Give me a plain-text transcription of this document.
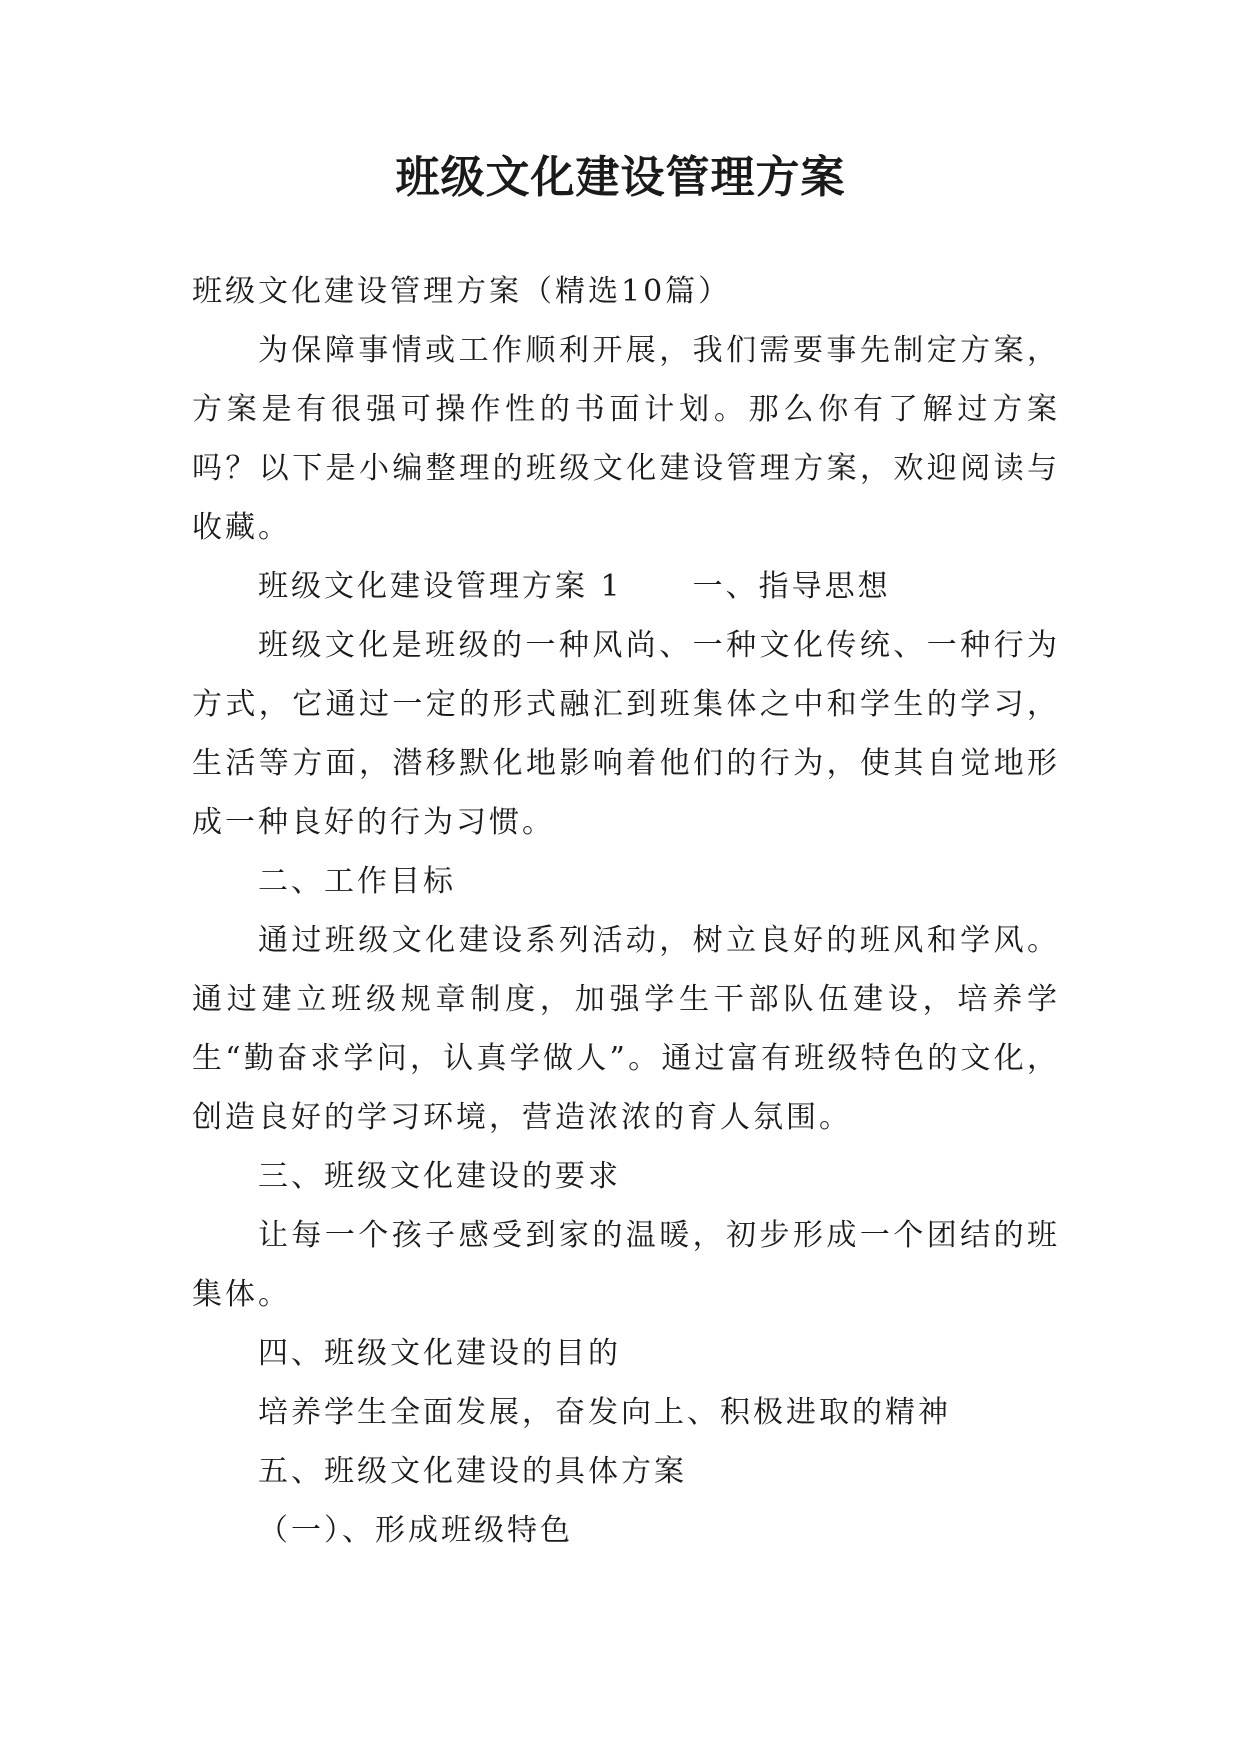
班级文化建设管理方案

班级文化建设管理方案（精选10篇）

为保障事情或工作顺利开展，我们需要事先制定方案，方案是有很强可操作性的书面计划。那么你有了解过方案吗？以下是小编整理的班级文化建设管理方案，欢迎阅读与收藏。

班级文化建设管理方案 1 一、指导思想

班级文化是班级的一种风尚、一种文化传统、一种行为方式，它通过一定的形式融汇到班集体之中和学生的学习，生活等方面，潜移默化地影响着他们的行为，使其自觉地形成一种良好的行为习惯。

二、工作目标

通过班级文化建设系列活动，树立良好的班风和学风。通过建立班级规章制度，加强学生干部队伍建设，培养学生“勤奋求学问，认真学做人”。通过富有班级特色的文化，创造良好的学习环境，营造浓浓的育人氛围。

三、班级文化建设的要求

让每一个孩子感受到家的温暖，初步形成一个团结的班集体。

四、班级文化建设的目的

培养学生全面发展，奋发向上、积极进取的精神

五、班级文化建设的具体方案

（一）、形成班级特色
